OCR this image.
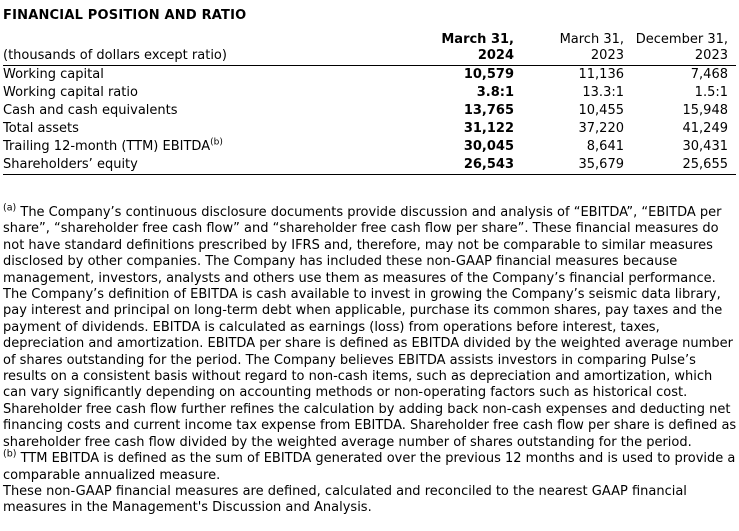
FINANCIAL POSITION AND RATIO
	March 31,	March 31,	December 31,
(thousands of dollars except ratio)	2024	2023	2023
Working capital	10,579	11,136	7,468
Working capital ratio	3.8:1	13.3:1	1.5:1
Cash and cash equivalents	13,765	10,455	15,948
Total assets	31,122	37,220	41,249
Trailing 12-month (TTM) EBITDA$^{(b)}$	30,045	8,641	30,431
Shareholders’ equity	26,543	35,679	25,655

$^{(a)}$ The Company’s continuous disclosure documents provide discussion and analysis of “EBITDA”, “EBITDA per share”, “shareholder free cash flow” and “shareholder free cash flow per share”. These financial measures do not have standard definitions prescribed by IFRS and, therefore, may not be comparable to similar measures disclosed by other companies. The Company has included these non-GAAP financial measures because management, investors, analysts and others use them as measures of the Company’s financial performance. The Company’s definition of EBITDA is cash available to invest in growing the Company’s seismic data library, pay interest and principal on long-term debt when applicable, purchase its common shares, pay taxes and the payment of dividends. EBITDA is calculated as earnings (loss) from operations before interest, taxes, depreciation and amortization. EBITDA per share is defined as EBITDA divided by the weighted average number of shares outstanding for the period. The Company believes EBITDA assists investors in comparing Pulse’s results on a consistent basis without regard to non-cash items, such as depreciation and amortization, which can vary significantly depending on accounting methods or non-operating factors such as historical cost. Shareholder free cash flow further refines the calculation by adding back non-cash expenses and deducting net financing costs and current income tax expense from EBITDA. Shareholder free cash flow per share is defined as shareholder free cash flow divided by the weighted average number of shares outstanding for the period.

$^{(b)}$ TTM EBITDA is defined as the sum of EBITDA generated over the previous 12 months and is used to provide a comparable annualized measure.

These non-GAAP financial measures are defined, calculated and reconciled to the nearest GAAP financial measures in the Management's Discussion and Analysis.
